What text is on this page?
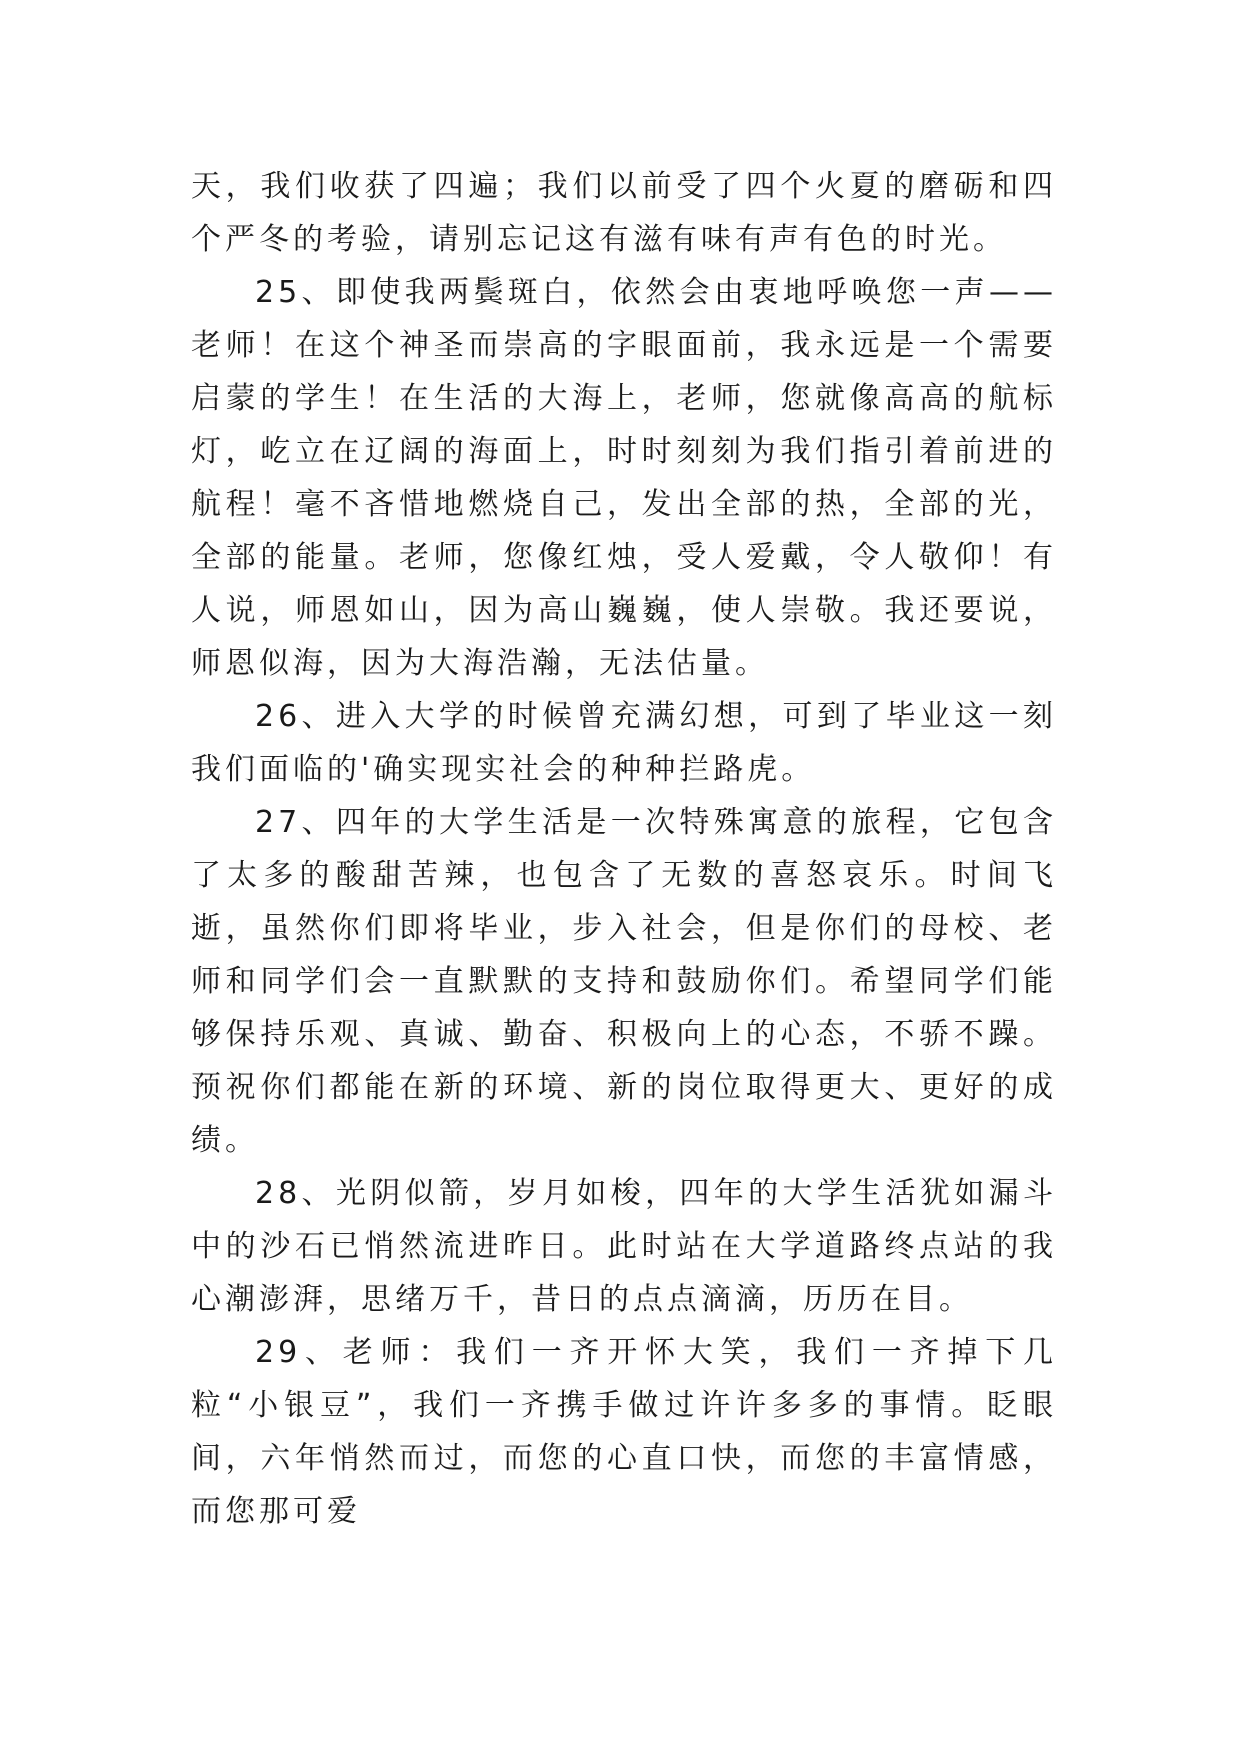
天，我们收获了四遍；我们以前受了四个火夏的磨砺和四个严冬的考验，请别忘记这有滋有味有声有色的时光。

25、即使我两鬓斑白，依然会由衷地呼唤您一声——老师！在这个神圣而崇高的字眼面前，我永远是一个需要启蒙的学生！在生活的大海上，老师，您就像高高的航标灯，屹立在辽阔的海面上，时时刻刻为我们指引着前进的航程！毫不吝惜地燃烧自己，发出全部的热，全部的光，全部的能量。老师，您像红烛，受人爱戴，令人敬仰！有人说，师恩如山，因为高山巍巍，使人崇敬。我还要说，师恩似海，因为大海浩瀚，无法估量。

26、进入大学的时候曾充满幻想，可到了毕业这一刻我们面临的'确实现实社会的种种拦路虎。

27、四年的大学生活是一次特殊寓意的旅程，它包含了太多的酸甜苦辣，也包含了无数的喜怒哀乐。时间飞逝，虽然你们即将毕业，步入社会，但是你们的母校、老师和同学们会一直默默的支持和鼓励你们。希望同学们能够保持乐观、真诚、勤奋、积极向上的心态，不骄不躁。预祝你们都能在新的环境、新的岗位取得更大、更好的成绩。

28、光阴似箭，岁月如梭，四年的大学生活犹如漏斗中的沙石已悄然流进昨日。此时站在大学道路终点站的我心潮澎湃，思绪万千，昔日的点点滴滴，历历在目。

29、老师：我们一齐开怀大笑，我们一齐掉下几粒“小银豆”，我们一齐携手做过许许多多的事情。眨眼间，六年悄然而过，而您的心直口快，而您的丰富情感，而您那可爱
